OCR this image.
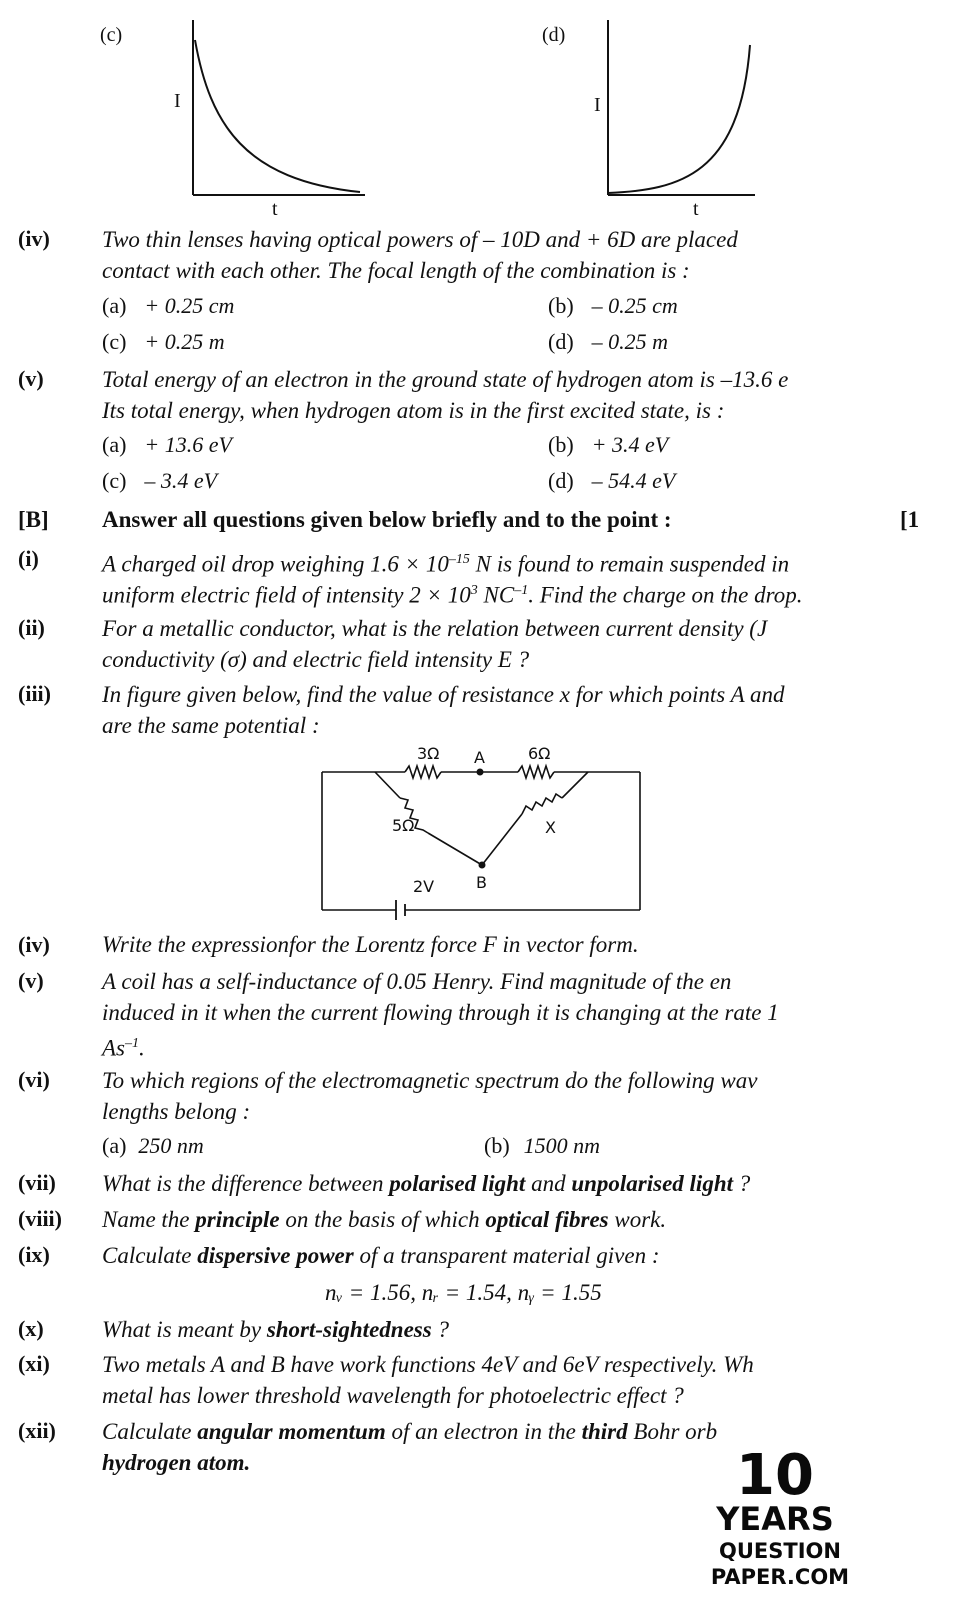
(c)
I
t
(d)
I
t
(iv) Two thin lenses having optical powers of – 10D and + 6D are placed
contact with each other. The focal length of the combination is :
(a) + 0.25 cm	(b) – 0.25 cm
(c) + 0.25 m	(d) – 0.25 m
(v)	Total energy of an electron in the ground state of hydrogen atom is –13.6 e
Its total energy, when hydrogen atom is in the first excited state, is :
(a) + 13.6 eV	(b) + 3.4 eV
(c) – 3.4 eV	(d) – 54.4 eV
[B] Answer all questions given below briefly and to the point :	[1
(i)	A charged oil drop weighing $1.6 \times 10^{-15}$ N is found to remain suspended in
uniform electric field of intensity $2 \times 10^3$ $NC^{-1}$. Find the charge on the drop.
(ii) For a metallic conductor, what is the relation between current density (J
conductivity (σ) and electric field intensity E ?
(iii) In figure given below, find the value of resistance x for which points A and
are the same potential :
3Ω A	6Ω
5Ω	X
B
2V
(iv) Write the expressionfor the Lorentz force F in vector form.
(v)	A coil has a self-inductance of 0.05 Henry. Find magnitude of the en
induced in it when the current flowing through it is changing at the rate 1
$As^{-1}$.
(vi) To which regions of the electromagnetic spectrum do the following wav
lengths belong :
(a) 250 nm	(b) 1500 nm
(vii) What is the difference between polarised light and unpolarised light ?
(viii) Name the principle on the basis of which optical fibres work.
(ix) Calculate dispersive power of a transparent material given :
nᵥ = 1.56, nᵣ = 1.54, nᵧ = 1.55
(x)	What is meant by short-sightedness ?
(xi) Two metals A and B have work functions 4eV and 6eV respectively. Wh
metal has lower threshold wavelength for photoelectric effect ?
(xii) Calculate angular momentum of an electron in the third Bohr orb
hydrogen atom.	10
YEARS
QUESTION PAPER.COM
